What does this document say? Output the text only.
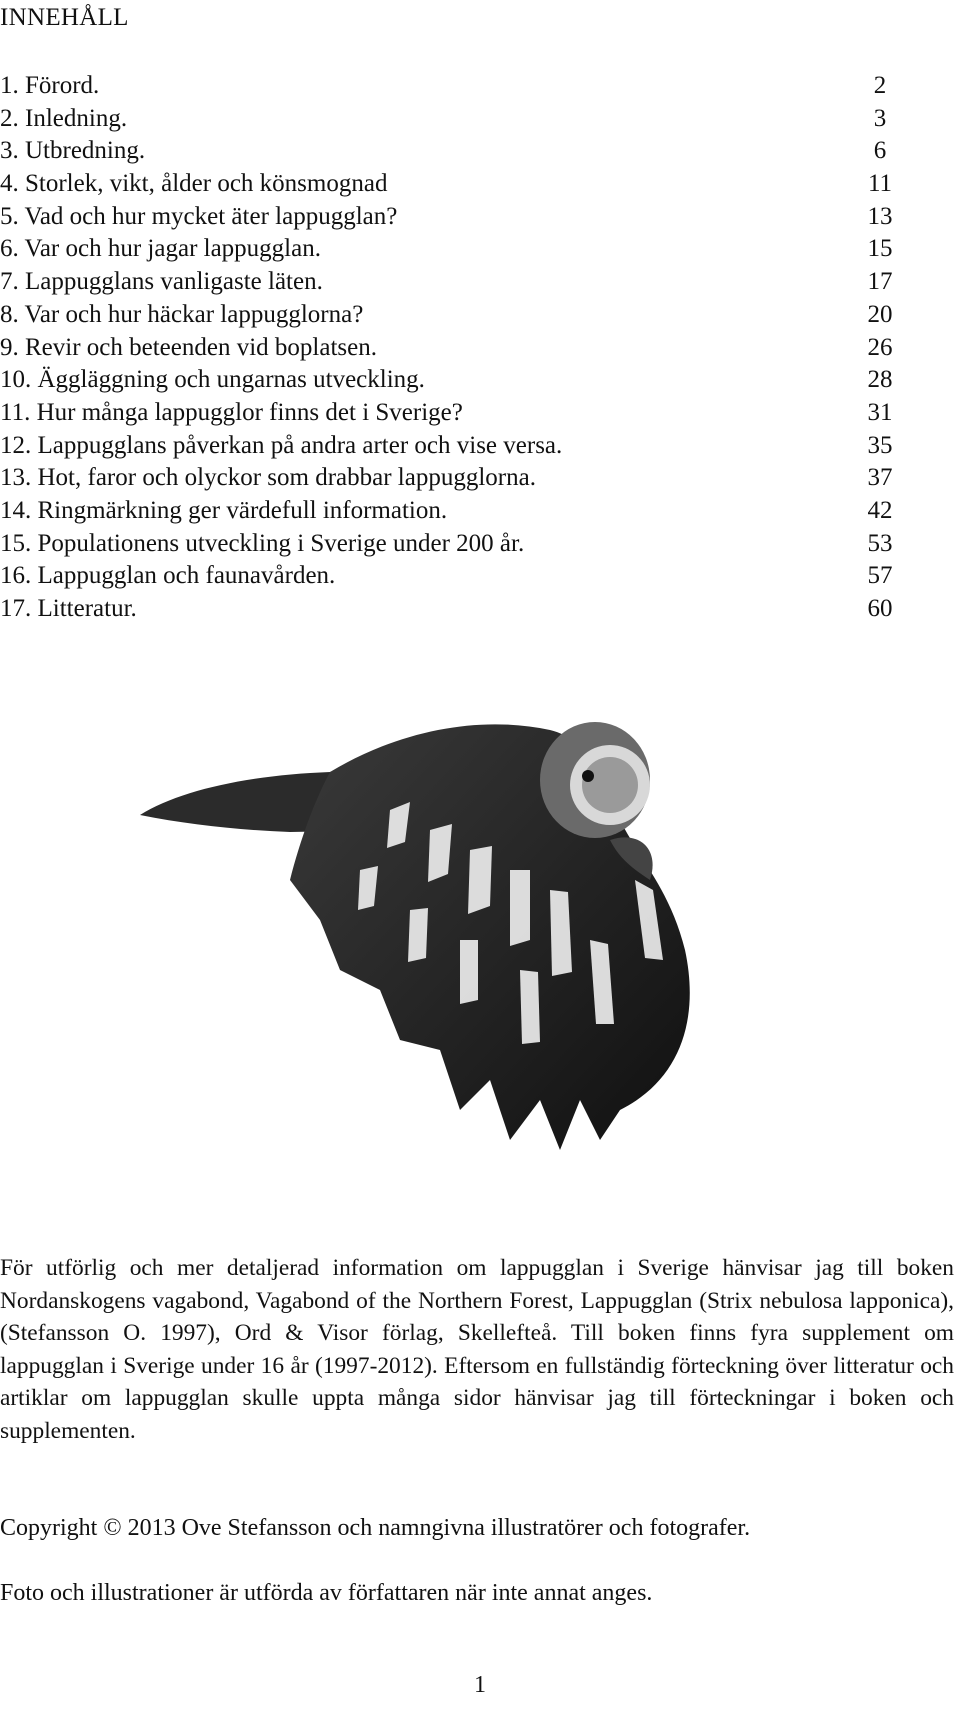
INNEHÅLL
1. Förord.	2
2. Inledning.	3
3. Utbredning.	6
4. Storlek, vikt, ålder och könsmognad	11
5. Vad och hur mycket äter lappugglan?	13
6. Var och hur jagar lappugglan.	15
7. Lappugglans vanligaste läten.	17
8. Var och hur häckar lappugglorna?	20
9. Revir och beteenden vid boplatsen.	26
10. Äggläggning och ungarnas utveckling.	28
11. Hur många lappugglor finns det i Sverige?	31
12. Lappugglans påverkan på andra arter och vise versa.	35
13. Hot, faror och olyckor som drabbar lappugglorna.	37
14. Ringmärkning ger värdefull information.	42
15. Populationens utveckling i Sverige under 200 år.	53
16. Lappugglan och faunavården.	57
17. Litteratur.	60

För utförlig och mer detaljerad information om lappugglan i Sverige hänvisar jag till boken Nordanskogens vagabond, Vagabond of the Northern Forest, Lappugglan (Strix nebulosa lapponica), (Stefansson O. 1997), Ord & Visor förlag, Skellefteå. Till boken finns fyra supplement om lappugglan i Sverige under 16 år (1997-2012). Eftersom en fullständig förteckning över litteratur och artiklar om lappugglan skulle uppta många sidor hänvisar jag till förteckningar i boken och supplementen.

Copyright © 2013 Ove Stefansson och namngivna illustratörer och fotografer.
Foto och illustrationer är utförda av författaren när inte annat anges.
1
